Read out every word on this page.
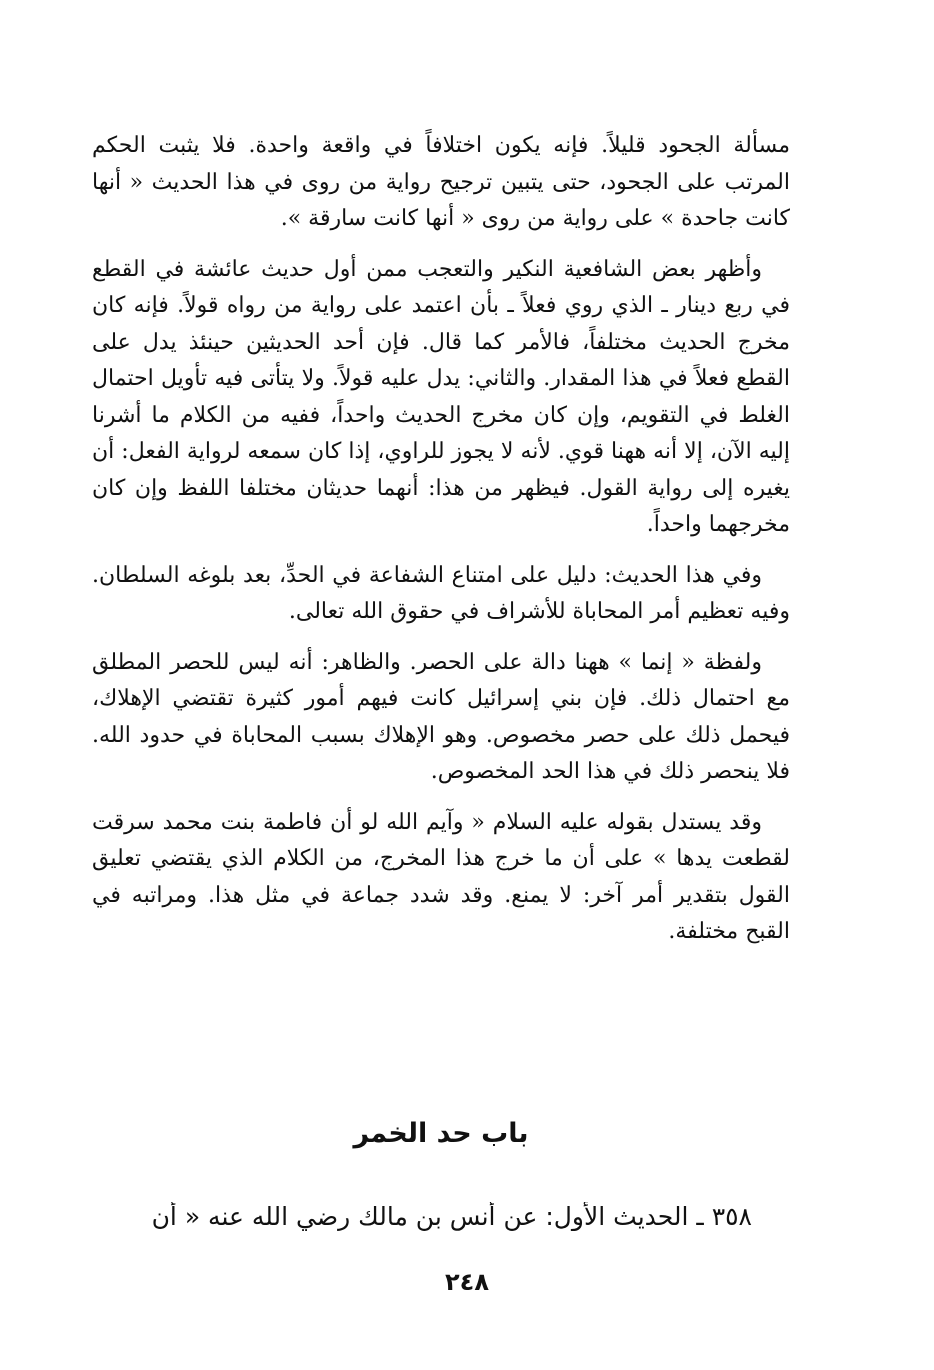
مسألة الجحود قليلاً. فإنه يكون اختلافاً في واقعة واحدة. فلا يثبت الحكم المرتب على الجحود، حتى يتبين ترجيح رواية من روى في هذا الحديث « أنها كانت جاحدة » على رواية من روى « أنها كانت سارقة ».

وأظهر بعض الشافعية النكير والتعجب ممن أول حديث عائشة في القطع في ربع دينار ـ الذي روي فعلاً ـ بأن اعتمد على رواية من رواه قولاً. فإنه كان مخرج الحديث مختلفاً، فالأمر كما قال. فإن أحد الحديثين حينئذ يدل على القطع فعلاً في هذا المقدار. والثاني: يدل عليه قولاً. ولا يتأتى فيه تأويل احتمال الغلط في التقويم، وإن كان مخرج الحديث واحداً، ففيه من الكلام ما أشرنا إليه الآن، إلا أنه ههنا قوي. لأنه لا يجوز للراوي، إذا كان سمعه لرواية الفعل: أن يغيره إلى رواية القول. فيظهر من هذا: أنهما حديثان مختلفا اللفظ وإن كان مخرجهما واحداً.

وفي هذا الحديث: دليل على امتناع الشفاعة في الحدِّ، بعد بلوغه السلطان. وفيه تعظيم أمر المحاباة للأشراف في حقوق الله تعالى.

ولفظة « إنما » ههنا دالة على الحصر. والظاهر: أنه ليس للحصر المطلق مع احتمال ذلك. فإن بني إسرائيل كانت فيهم أمور كثيرة تقتضي الإهلاك، فيحمل ذلك على حصر مخصوص. وهو الإهلاك بسبب المحاباة في حدود الله. فلا ينحصر ذلك في هذا الحد المخصوص.

وقد يستدل بقوله عليه السلام « وآيم الله لو أن فاطمة بنت محمد سرقت لقطعت يدها » على أن ما خرج هذا المخرج، من الكلام الذي يقتضي تعليق القول بتقدير أمر آخر: لا يمنع. وقد شدد جماعة في مثل هذا. ومراتبه في القبح مختلفة.

باب حد الخمر
٣٥٨ ـ الحديث الأول: عن أنس بن مالك رضي الله عنه « أن
٢٤٨
